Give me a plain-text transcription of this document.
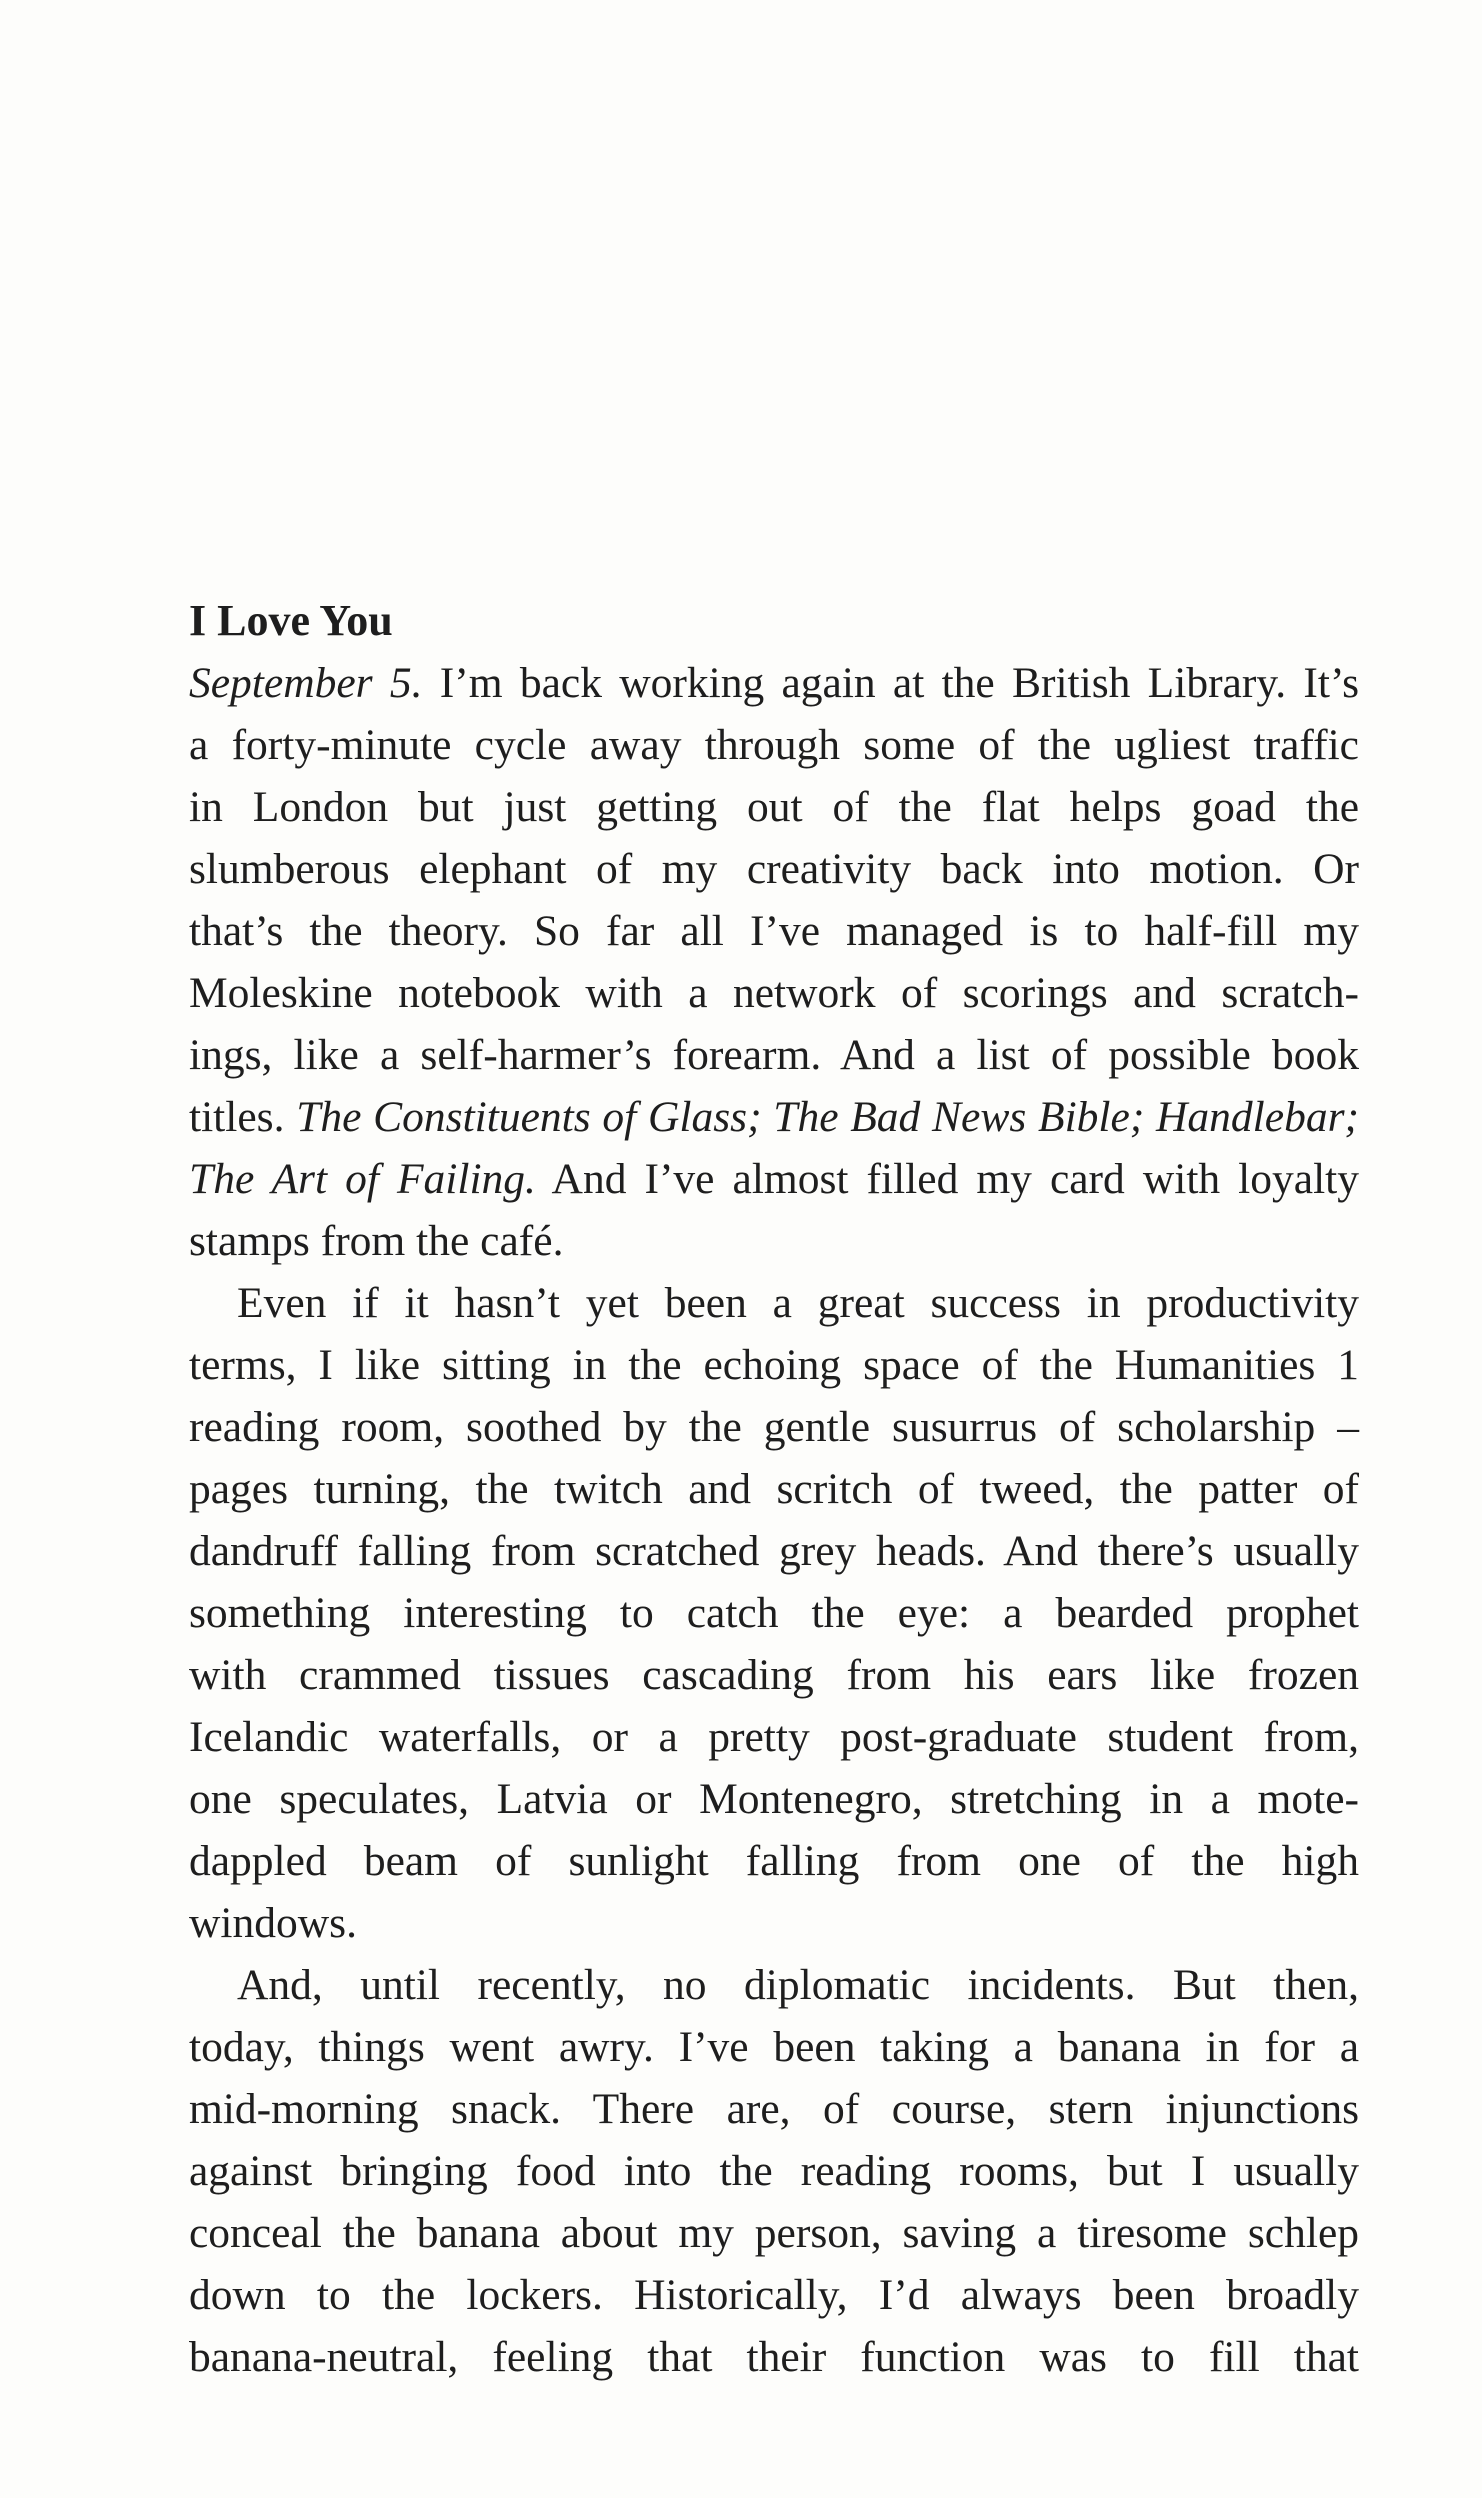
I Love You
September 5. I’m back working again at the British Library. It’s
a forty-minute cycle away through some of the ugliest traffic
in London but just getting out of the flat helps goad the
slumberous elephant of my creativity back into motion. Or
that’s the theory. So far all I’ve managed is to half-fill my
Moleskine notebook with a network of scorings and scratch-
ings, like a self-harmer’s forearm. And a list of possible book
titles. The Constituents of Glass; The Bad News Bible; Handlebar;
The Art of Failing. And I’ve almost filled my card with loyalty
stamps from the café.
Even if it hasn’t yet been a great success in productivity
terms, I like sitting in the echoing space of the Humanities 1
reading room, soothed by the gentle susurrus of scholarship –
pages turning, the twitch and scritch of tweed, the patter of
dandruff falling from scratched grey heads. And there’s usually
something interesting to catch the eye: a bearded prophet
with crammed tissues cascading from his ears like frozen
Icelandic waterfalls, or a pretty post-graduate student from,
one speculates, Latvia or Montenegro, stretching in a mote-
dappled beam of sunlight falling from one of the high
windows.
And, until recently, no diplomatic incidents. But then,
today, things went awry. I’ve been taking a banana in for a
mid-morning snack. There are, of course, stern injunctions
against bringing food into the reading rooms, but I usually
conceal the banana about my person, saving a tiresome schlep
down to the lockers. Historically, I’d always been broadly
banana-neutral, feeling that their function was to fill that
